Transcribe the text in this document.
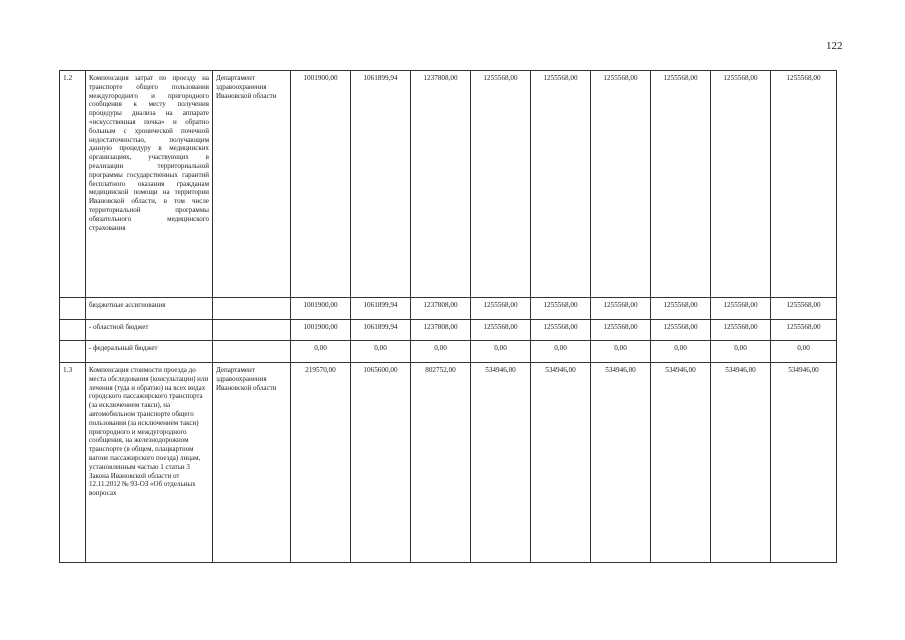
122
1.2	Компенсация затрат по проезду на транспорте общего пользования междугороднего и пригородного сообщения к месту получения процедуры диализа на аппарате «искусственная почка» и обратно больным с хронической почечной недостаточностью, получающим данную процедуру в медицинских организациях, участвующих в реализации территориальной программы государственных гарантий бесплатного оказания гражданам медицинской помощи на территории Ивановской области, в том числе территориальной программы обязательного медицинского страхования	Департамент здравоохранения Ивановской области	1001900,00	1061899,94	1237808,00	1255568,00	1255568,00	1255568,00	1255568,00	1255568,00	1255568,00
	бюджетные ассигнования		1001900,00	1061899,94	1237808,00	1255568,00	1255568,00	1255568,00	1255568,00	1255568,00	1255568,00
	- областной бюджет		1001900,00	1061899,94	1237808,00	1255568,00	1255568,00	1255568,00	1255568,00	1255568,00	1255568,00
	- федеральный бюджет		0,00	0,00	0,00	0,00	0,00	0,00	0,00	0,00	0,00
1.3	Компенсация стоимости проезда до места обследования (консультации) или лечения (туда и обратно) на всех видах городского пассажирского транспорта (за исключением такси), на автомобильном транспорте общего пользования (за исключением такси) пригородного и междугородного сообщения, на железнодорожном транспорте (в общем, плацкартном вагоне пассажирского поезда) лицам, установленным частью 1 статьи 3 Закона Ивановской области от 12.11.2012 № 93-ОЗ «Об отдельных вопросах	Департамент здравоохранения Ивановской области	219570,00	1065600,00	802752,00	534946,00	534946,00	534946,00	534946,00	534946,00	534946,00
